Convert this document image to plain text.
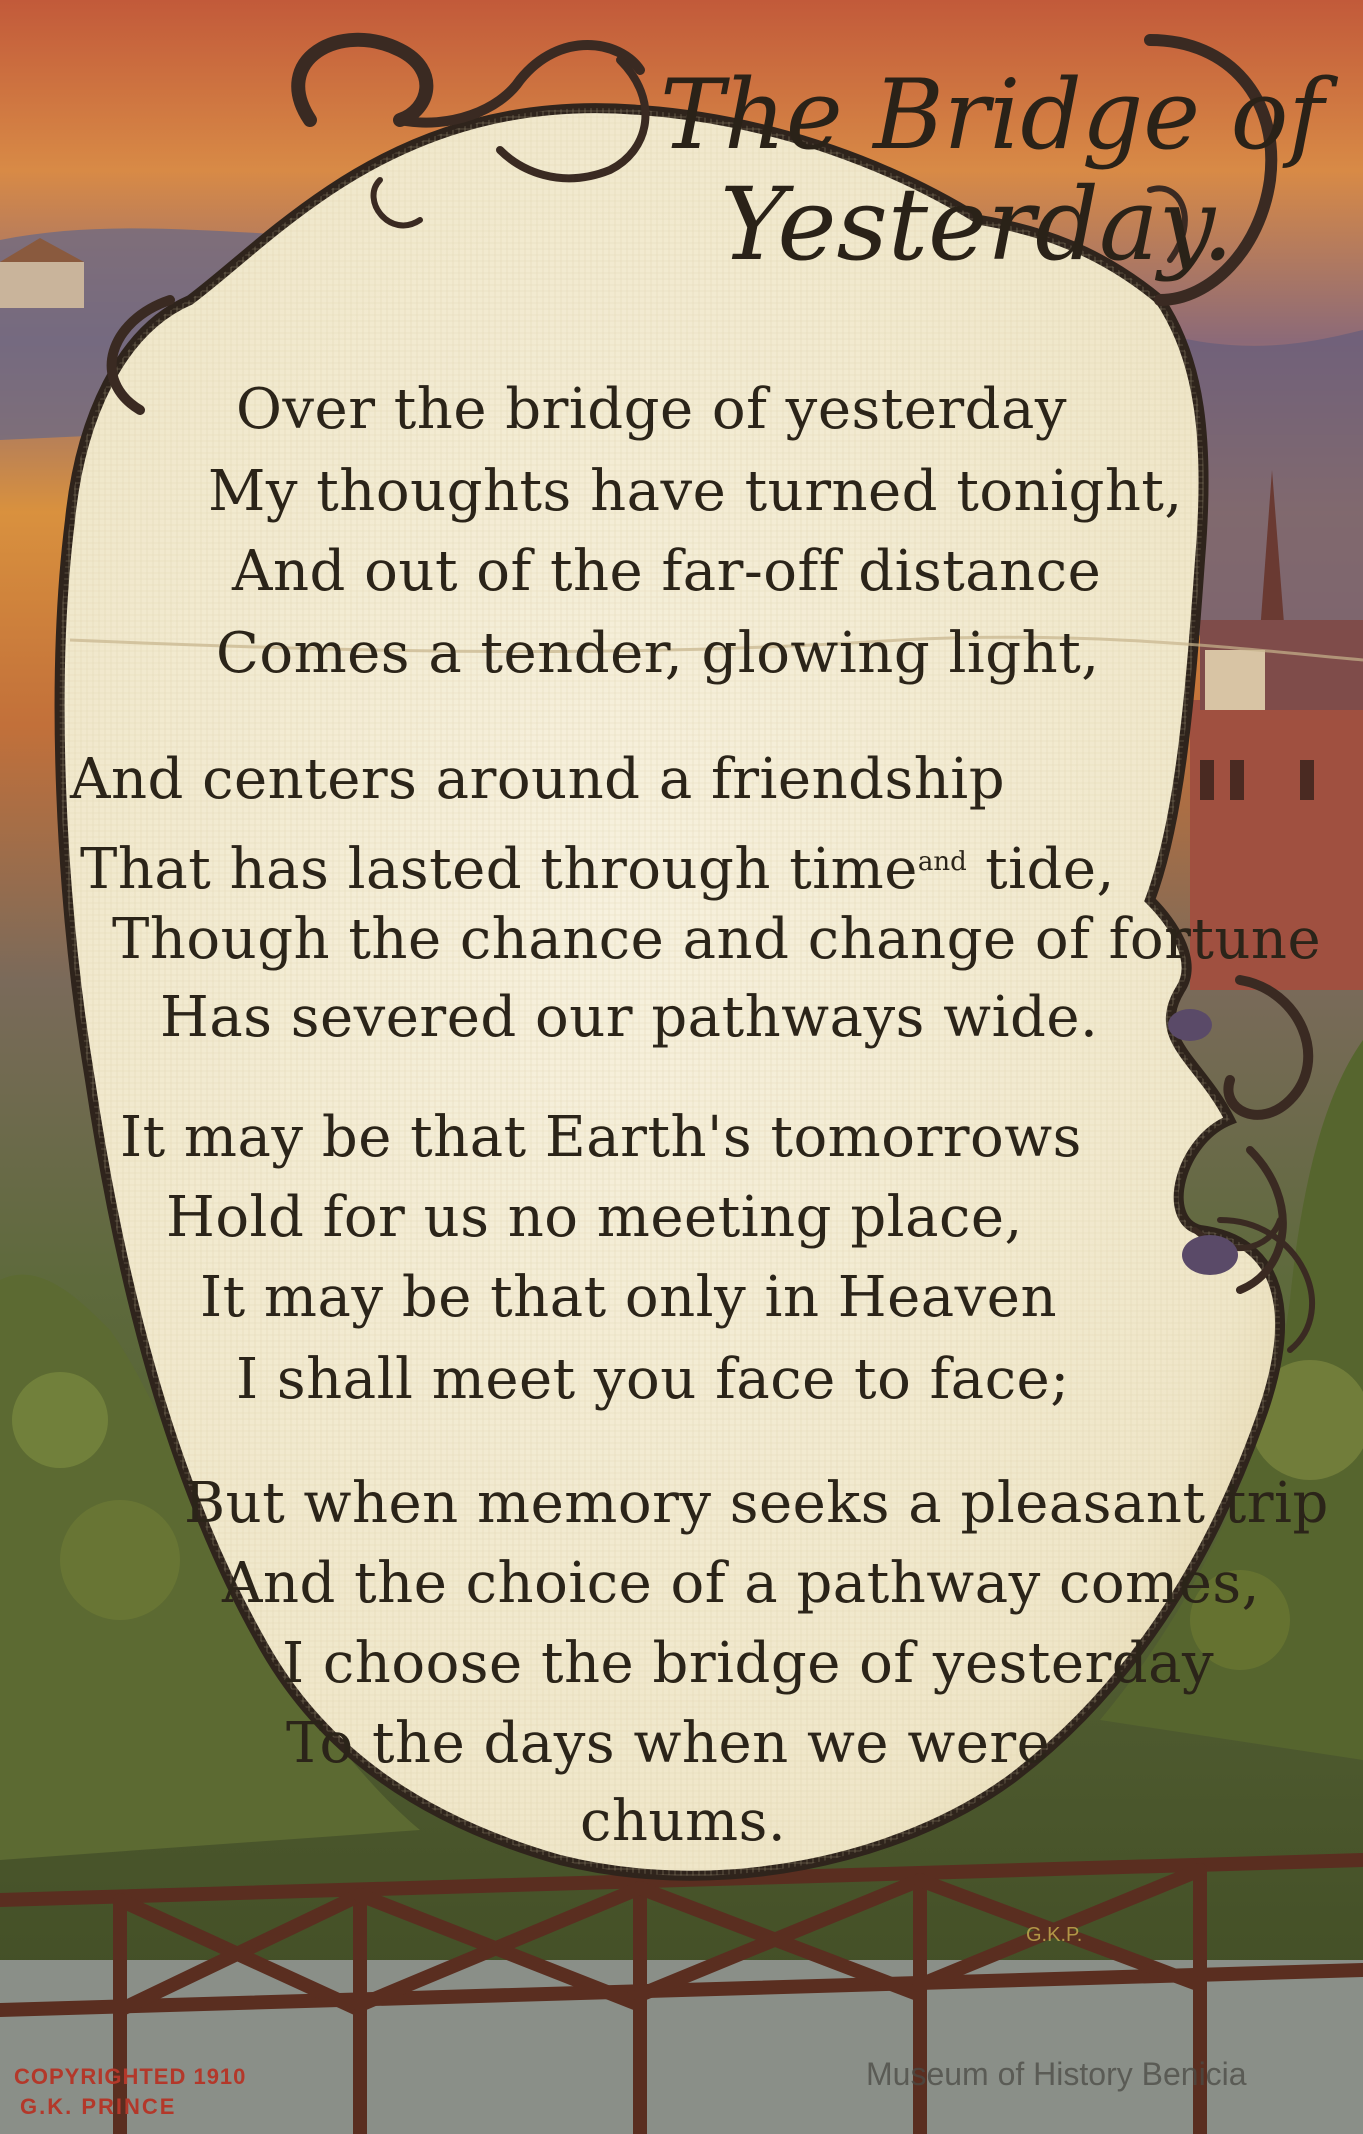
The Bridge of

Yesterday.

Over the bridge of yesterday

My thoughts have turned tonight,

And out of the far-off distance

Comes a tender, glowing light,

And centers around a friendship

That has lasted through time$^{and}$ tide,

Though the chance and change of fortune

Has severed our pathways wide.

It may be that Earth's tomorrows

Hold for us no meeting place,

It may be that only in Heaven

I shall meet you face to face;

But when memory seeks a pleasant trip

And the choice of a pathway comes,

I choose the bridge of yesterday

To the days when we were

chums.

G.K.P.

COPYRIGHTED 1910

G.K. PRINCE

Museum of History Benicia
